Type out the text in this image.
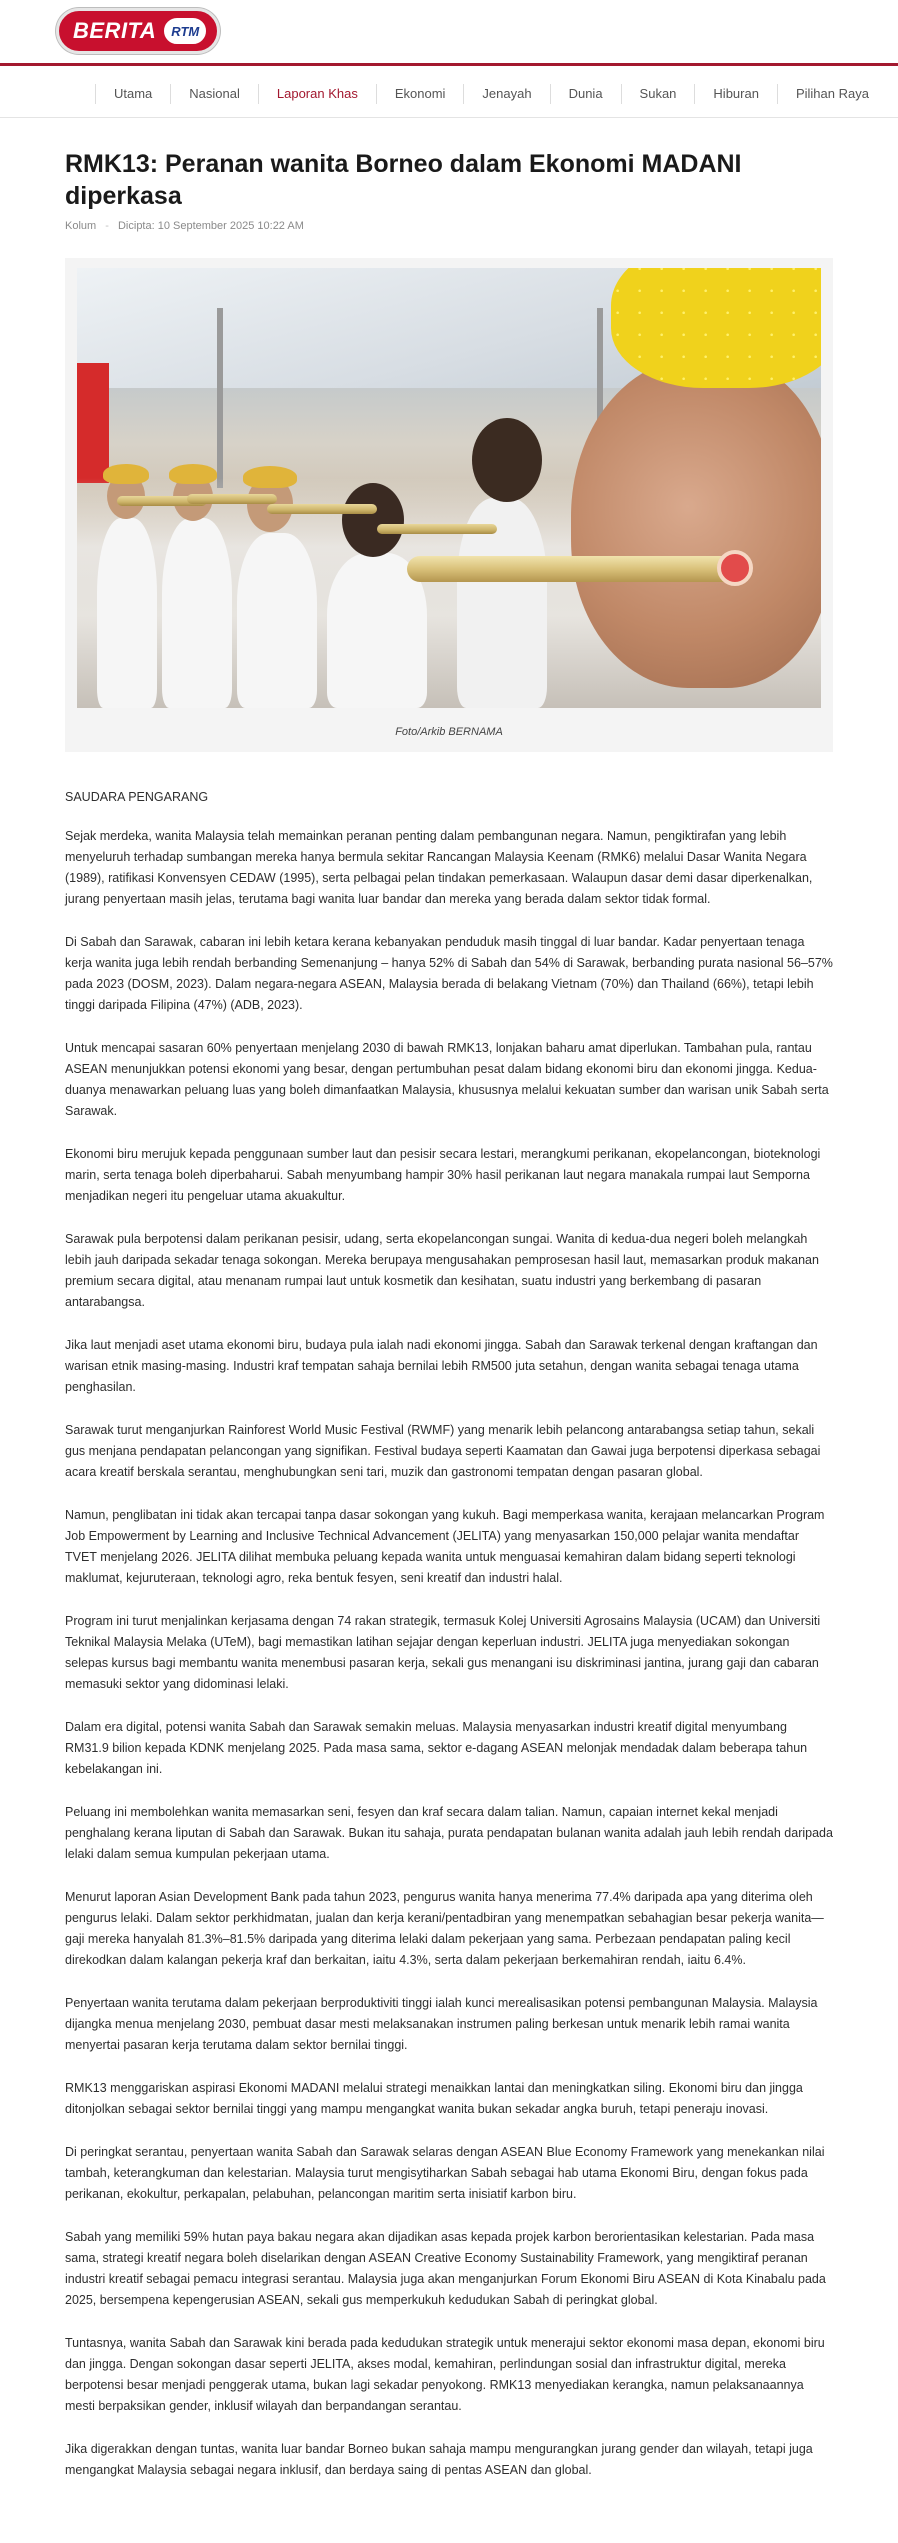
BERITA	RTM
Utama	Nasional	Laporan Khas	Ekonomi	Jenayah	Dunia	Sukan	Hiburan	Pilihan Raya
RMK13: Peranan wanita Borneo dalam Ekonomi MADANI diperkasa
Kolum - Dicipta: 10 September 2025 10:22 AM
Foto/Arkib BERNAMA

SAUDARA PENGARANG

Sejak merdeka, wanita Malaysia telah memainkan peranan penting dalam pembangunan negara. Namun, pengiktirafan yang lebih menyeluruh terhadap sumbangan mereka hanya bermula sekitar Rancangan Malaysia Keenam (RMK6) melalui Dasar Wanita Negara (1989), ratifikasi Konvensyen CEDAW (1995), serta pelbagai pelan tindakan pemerkasaan. Walaupun dasar demi dasar diperkenalkan, jurang penyertaan masih jelas, terutama bagi wanita luar bandar dan mereka yang berada dalam sektor tidak formal.

Di Sabah dan Sarawak, cabaran ini lebih ketara kerana kebanyakan penduduk masih tinggal di luar bandar. Kadar penyertaan tenaga kerja wanita juga lebih rendah berbanding Semenanjung – hanya 52% di Sabah dan 54% di Sarawak, berbanding purata nasional 56–57% pada 2023 (DOSM, 2023). Dalam negara-negara ASEAN, Malaysia berada di belakang Vietnam (70%) dan Thailand (66%), tetapi lebih tinggi daripada Filipina (47%) (ADB, 2023).

Untuk mencapai sasaran 60% penyertaan menjelang 2030 di bawah RMK13, lonjakan baharu amat diperlukan. Tambahan pula, rantau ASEAN menunjukkan potensi ekonomi yang besar, dengan pertumbuhan pesat dalam bidang ekonomi biru dan ekonomi jingga. Kedua-duanya menawarkan peluang luas yang boleh dimanfaatkan Malaysia, khususnya melalui kekuatan sumber dan warisan unik Sabah serta Sarawak.

Ekonomi biru merujuk kepada penggunaan sumber laut dan pesisir secara lestari, merangkumi perikanan, ekopelancongan, bioteknologi marin, serta tenaga boleh diperbaharui. Sabah menyumbang hampir 30% hasil perikanan laut negara manakala rumpai laut Semporna menjadikan negeri itu pengeluar utama akuakultur.

Sarawak pula berpotensi dalam perikanan pesisir, udang, serta ekopelancongan sungai. Wanita di kedua-dua negeri boleh melangkah lebih jauh daripada sekadar tenaga sokongan. Mereka berupaya mengusahakan pemprosesan hasil laut, memasarkan produk makanan premium secara digital, atau menanam rumpai laut untuk kosmetik dan kesihatan, suatu industri yang berkembang di pasaran antarabangsa.

Jika laut menjadi aset utama ekonomi biru, budaya pula ialah nadi ekonomi jingga. Sabah dan Sarawak terkenal dengan kraftangan dan warisan etnik masing-masing. Industri kraf tempatan sahaja bernilai lebih RM500 juta setahun, dengan wanita sebagai tenaga utama penghasilan.

Sarawak turut menganjurkan Rainforest World Music Festival (RWMF) yang menarik lebih pelancong antarabangsa setiap tahun, sekali gus menjana pendapatan pelancongan yang signifikan. Festival budaya seperti Kaamatan dan Gawai juga berpotensi diperkasa sebagai acara kreatif berskala serantau, menghubungkan seni tari, muzik dan gastronomi tempatan dengan pasaran global.

Namun, penglibatan ini tidak akan tercapai tanpa dasar sokongan yang kukuh. Bagi memperkasa wanita, kerajaan melancarkan Program Job Empowerment by Learning and Inclusive Technical Advancement (JELITA) yang menyasarkan 150,000 pelajar wanita mendaftar TVET menjelang 2026. JELITA dilihat membuka peluang kepada wanita untuk menguasai kemahiran dalam bidang seperti teknologi maklumat, kejuruteraan, teknologi agro, reka bentuk fesyen, seni kreatif dan industri halal.

Program ini turut menjalinkan kerjasama dengan 74 rakan strategik, termasuk Kolej Universiti Agrosains Malaysia (UCAM) dan Universiti Teknikal Malaysia Melaka (UTeM), bagi memastikan latihan sejajar dengan keperluan industri. JELITA juga menyediakan sokongan selepas kursus bagi membantu wanita menembusi pasaran kerja, sekali gus menangani isu diskriminasi jantina, jurang gaji dan cabaran memasuki sektor yang didominasi lelaki.

Dalam era digital, potensi wanita Sabah dan Sarawak semakin meluas. Malaysia menyasarkan industri kreatif digital menyumbang RM31.9 bilion kepada KDNK menjelang 2025. Pada masa sama, sektor e-dagang ASEAN melonjak mendadak dalam beberapa tahun kebelakangan ini.

Peluang ini membolehkan wanita memasarkan seni, fesyen dan kraf secara dalam talian. Namun, capaian internet kekal menjadi penghalang kerana liputan di Sabah dan Sarawak. Bukan itu sahaja, purata pendapatan bulanan wanita adalah jauh lebih rendah daripada lelaki dalam semua kumpulan pekerjaan utama.

Menurut laporan Asian Development Bank pada tahun 2023, pengurus wanita hanya menerima 77.4% daripada apa yang diterima oleh pengurus lelaki. Dalam sektor perkhidmatan, jualan dan kerja kerani/pentadbiran yang menempatkan sebahagian besar pekerja wanita—gaji mereka hanyalah 81.3%–81.5% daripada yang diterima lelaki dalam pekerjaan yang sama. Perbezaan pendapatan paling kecil direkodkan dalam kalangan pekerja kraf dan berkaitan, iaitu 4.3%, serta dalam pekerjaan berkemahiran rendah, iaitu 6.4%.

Penyertaan wanita terutama dalam pekerjaan berproduktiviti tinggi ialah kunci merealisasikan potensi pembangunan Malaysia. Malaysia dijangka menua menjelang 2030, pembuat dasar mesti melaksanakan instrumen paling berkesan untuk menarik lebih ramai wanita menyertai pasaran kerja terutama dalam sektor bernilai tinggi.

RMK13 menggariskan aspirasi Ekonomi MADANI melalui strategi menaikkan lantai dan meningkatkan siling. Ekonomi biru dan jingga ditonjolkan sebagai sektor bernilai tinggi yang mampu mengangkat wanita bukan sekadar angka buruh, tetapi peneraju inovasi.

Di peringkat serantau, penyertaan wanita Sabah dan Sarawak selaras dengan ASEAN Blue Economy Framework yang menekankan nilai tambah, keterangkuman dan kelestarian. Malaysia turut mengisytiharkan Sabah sebagai hab utama Ekonomi Biru, dengan fokus pada perikanan, ekokultur, perkapalan, pelabuhan, pelancongan maritim serta inisiatif karbon biru.

Sabah yang memiliki 59% hutan paya bakau negara akan dijadikan asas kepada projek karbon berorientasikan kelestarian. Pada masa sama, strategi kreatif negara boleh diselarikan dengan ASEAN Creative Economy Sustainability Framework, yang mengiktiraf peranan industri kreatif sebagai pemacu integrasi serantau. Malaysia juga akan menganjurkan Forum Ekonomi Biru ASEAN di Kota Kinabalu pada 2025, bersempena kepengerusian ASEAN, sekali gus memperkukuh kedudukan Sabah di peringkat global.

Tuntasnya, wanita Sabah dan Sarawak kini berada pada kedudukan strategik untuk menerajui sektor ekonomi masa depan, ekonomi biru dan jingga. Dengan sokongan dasar seperti JELITA, akses modal, kemahiran, perlindungan sosial dan infrastruktur digital, mereka berpotensi besar menjadi penggerak utama, bukan lagi sekadar penyokong. RMK13 menyediakan kerangka, namun pelaksanaannya mesti berpaksikan gender, inklusif wilayah dan berpandangan serantau.

Jika digerakkan dengan tuntas, wanita luar bandar Borneo bukan sahaja mampu mengurangkan jurang gender dan wilayah, tetapi juga mengangkat Malaysia sebagai negara inklusif, dan berdaya saing di pentas ASEAN dan global.
